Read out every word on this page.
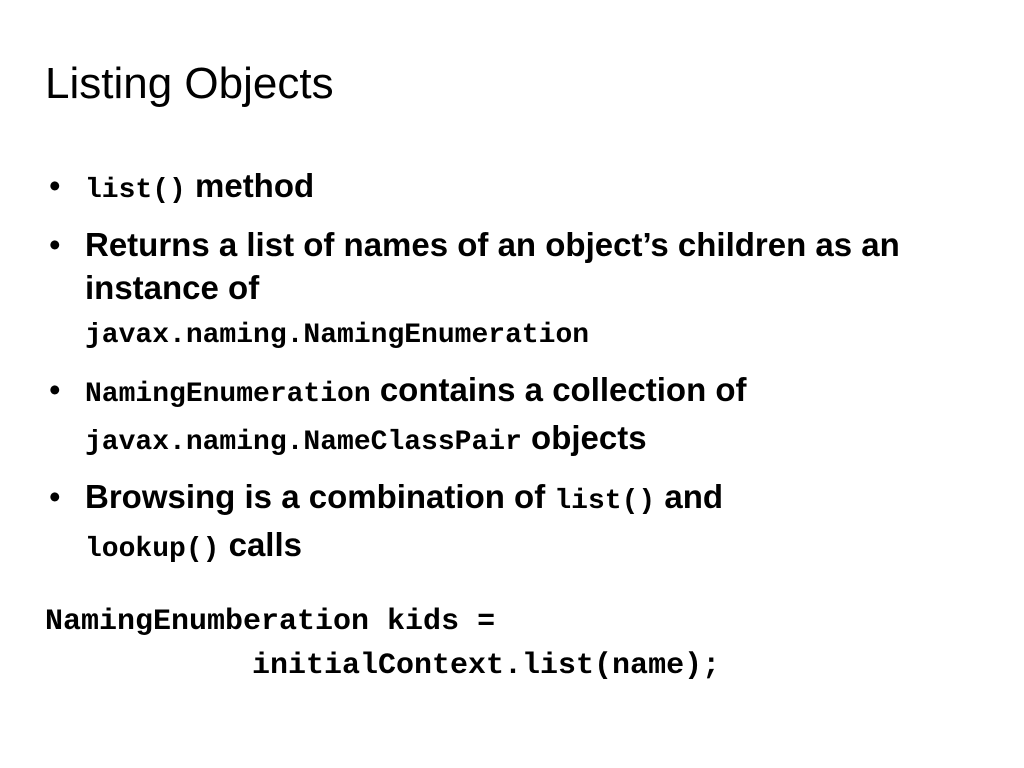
Listing Objects
• list() method
• Returns a list of names of an object’s children as an instance of
javax.naming.NamingEnumeration
• NamingEnumeration contains a collection of
javax.naming.NameClassPair objects
• Browsing is a combination of list() and
lookup() calls
NamingEnumberation kids =
initialContext.list(name);
